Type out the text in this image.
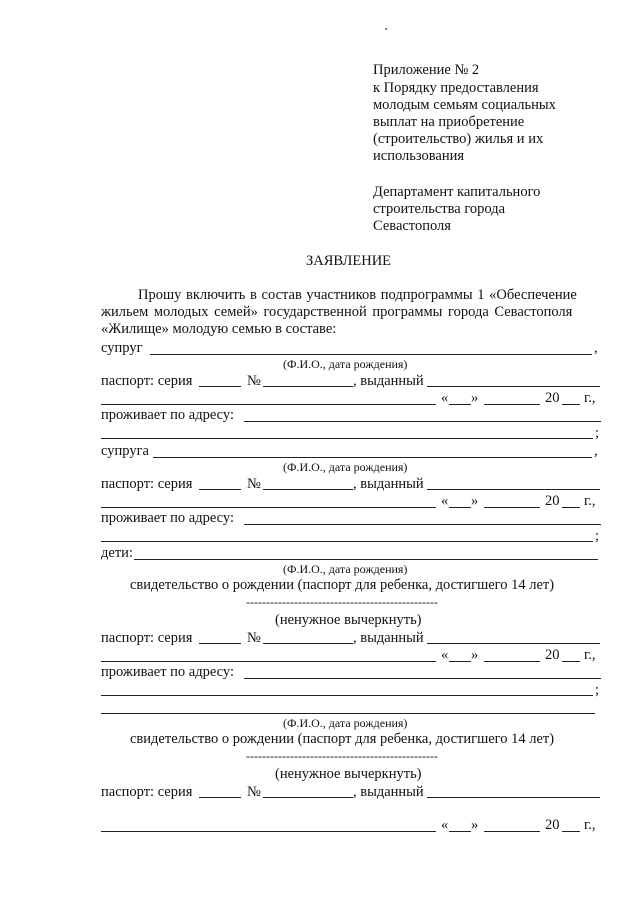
Приложение № 2
к Порядку предоставления
молодым семьям социальных
выплат на приобретение
(строительство) жилья и их
использования
Департамент капитального
строительства города
Севастополя
ЗАЯВЛЕНИЕ
Прошу включить в состав участников подпрограммы 1 «Обеспечение
жильем молодых семей» государственной программы города Севастополя
«Жилище» молодую семью в составе:
супруг	,
(Ф.И.О., дата рождения)
паспорт: серия	№	, выданный
« »	20 г.,
проживает по адресу:
;
супруга	,
(Ф.И.О., дата рождения)
паспорт: серия	№	, выданный
« »	20 г.,
проживает по адресу:
;
дети:
(Ф.И.О., дата рождения)
свидетельство о рождении (паспорт для ребенка, достигшего 14 лет)
------------------------------------------------
(ненужное вычеркнуть)
паспорт: серия	№	, выданный
« »	20 г.,
проживает по адресу:
;
(Ф.И.О., дата рождения)
свидетельство о рождении (паспорт для ребенка, достигшего 14 лет)
------------------------------------------------
(ненужное вычеркнуть)
паспорт: серия	№	, выданный
« »	20 г.,
